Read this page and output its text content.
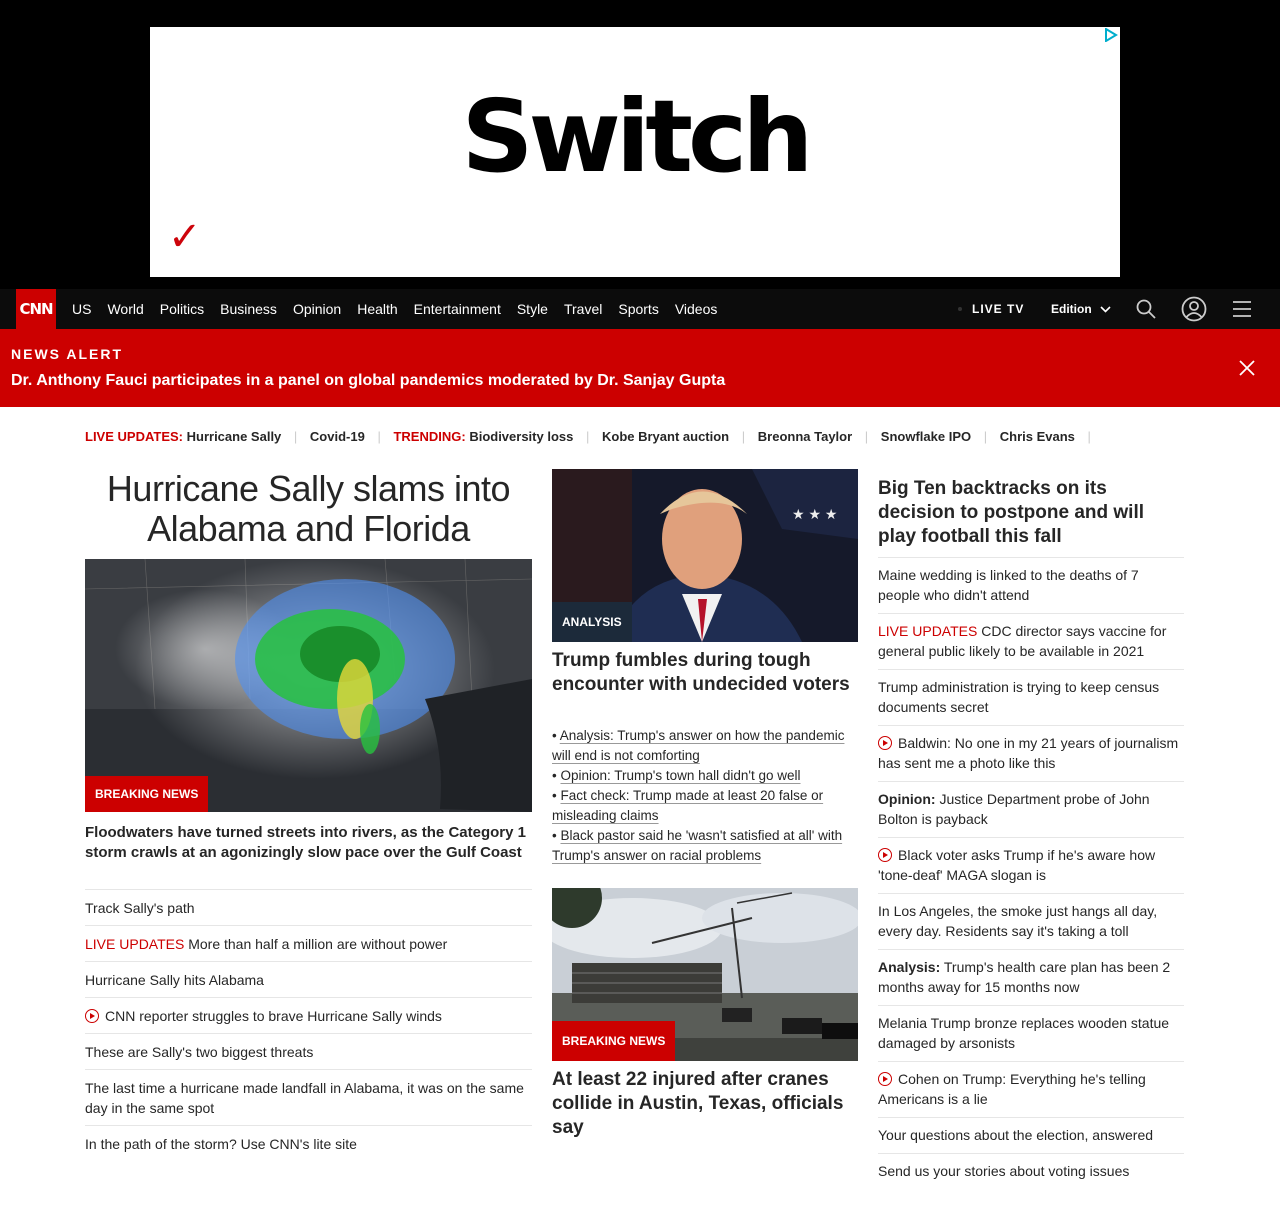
Switch
✓
CNN	US	World	Politics	Business	Opinion	Health	Entertainment	Style	Travel	Sports	Videos	LIVE TV Edition
NEWS ALERT
Dr. Anthony Fauci participates in a panel on global pandemics moderated by Dr. Sanjay Gupta
LIVE UPDATES: Hurricane Sally | Covid-19 | TRENDING: Biodiversity loss | Kobe Bryant auction | Breonna Taylor | Snowflake IPO | Chris Evans |
Hurricane Sally slams into Alabama and Florida
BREAKING NEWS
Floodwaters have turned streets into rivers, as the Category 1 storm crawls at an agonizingly slow pace over the Gulf Coast
Track Sally's path
LIVE UPDATES More than half a million are without power
Hurricane Sally hits Alabama
CNN reporter struggles to brave Hurricane Sally winds
These are Sally's two biggest threats
The last time a hurricane made landfall in Alabama, it was on the same day in the same spot
In the path of the storm? Use CNN's lite site
★ ★ ★
ANALYSIS
Trump fumbles during tough encounter with undecided voters
• Analysis: Trump's answer on how the pandemic will end is not comforting
• Opinion: Trump's town hall didn't go well
• Fact check: Trump made at least 20 false or misleading claims
• Black pastor said he 'wasn't satisfied at all' with Trump's answer on racial problems
BREAKING NEWS
At least 22 injured after cranes collide in Austin, Texas, officials say
Big Ten backtracks on its decision to postpone and will play football this fall
Maine wedding is linked to the deaths of 7 people who didn't attend
LIVE UPDATES CDC director says vaccine for general public likely to be available in 2021
Trump administration is trying to keep census documents secret
Baldwin: No one in my 21 years of journalism has sent me a photo like this
Opinion: Justice Department probe of John Bolton is payback
Black voter asks Trump if he's aware how 'tone-deaf' MAGA slogan is
In Los Angeles, the smoke just hangs all day, every day. Residents say it's taking a toll
Analysis: Trump's health care plan has been 2 months away for 15 months now
Melania Trump bronze replaces wooden statue damaged by arsonists
Cohen on Trump: Everything he's telling Americans is a lie
Your questions about the election, answered
Send us your stories about voting issues
